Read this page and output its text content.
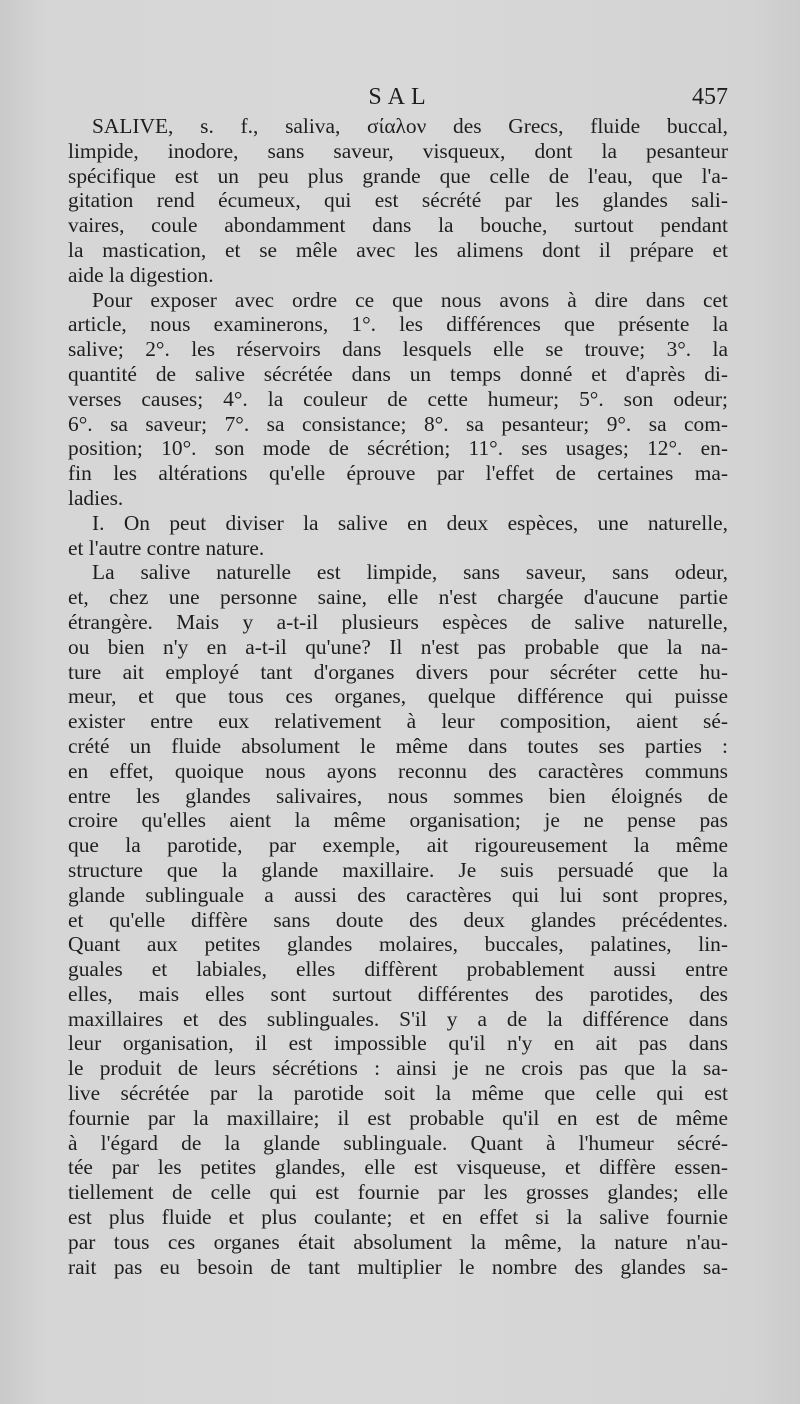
SAL	457
SALIVE, s. f., saliva, σίαλον des Grecs, fluide buccal,
limpide, inodore, sans saveur, visqueux, dont la pesanteur
spécifique est un peu plus grande que celle de l'eau, que l'a-
gitation rend écumeux, qui est sécrété par les glandes sali-
vaires, coule abondamment dans la bouche, surtout pendant
la mastication, et se mêle avec les alimens dont il prépare et
aide la digestion.
Pour exposer avec ordre ce que nous avons à dire dans cet
article, nous examinerons, 1°. les différences que présente la
salive; 2°. les réservoirs dans lesquels elle se trouve; 3°. la
quantité de salive sécrétée dans un temps donné et d'après di-
verses causes; 4°. la couleur de cette humeur; 5°. son odeur;
6°. sa saveur; 7°. sa consistance; 8°. sa pesanteur; 9°. sa com-
position; 10°. son mode de sécrétion; 11°. ses usages; 12°. en-
fin les altérations qu'elle éprouve par l'effet de certaines ma-
ladies.
I. On peut diviser la salive en deux espèces, une naturelle,
et l'autre contre nature.
La salive naturelle est limpide, sans saveur, sans odeur,
et, chez une personne saine, elle n'est chargée d'aucune partie
étrangère. Mais y a-t-il plusieurs espèces de salive naturelle,
ou bien n'y en a-t-il qu'une? Il n'est pas probable que la na-
ture ait employé tant d'organes divers pour sécréter cette hu-
meur, et que tous ces organes, quelque différence qui puisse
exister entre eux relativement à leur composition, aient sé-
crété un fluide absolument le même dans toutes ses parties :
en effet, quoique nous ayons reconnu des caractères communs
entre les glandes salivaires, nous sommes bien éloignés de
croire qu'elles aient la même organisation; je ne pense pas
que la parotide, par exemple, ait rigoureusement la même
structure que la glande maxillaire. Je suis persuadé que la
glande sublinguale a aussi des caractères qui lui sont propres,
et qu'elle diffère sans doute des deux glandes précédentes.
Quant aux petites glandes molaires, buccales, palatines, lin-
guales et labiales, elles diffèrent probablement aussi entre
elles, mais elles sont surtout différentes des parotides, des
maxillaires et des sublinguales. S'il y a de la différence dans
leur organisation, il est impossible qu'il n'y en ait pas dans
le produit de leurs sécrétions : ainsi je ne crois pas que la sa-
live sécrétée par la parotide soit la même que celle qui est
fournie par la maxillaire; il est probable qu'il en est de même
à l'égard de la glande sublinguale. Quant à l'humeur sécré-
tée par les petites glandes, elle est visqueuse, et diffère essen-
tiellement de celle qui est fournie par les grosses glandes; elle
est plus fluide et plus coulante; et en effet si la salive fournie
par tous ces organes était absolument la même, la nature n'au-
rait pas eu besoin de tant multiplier le nombre des glandes sa-
